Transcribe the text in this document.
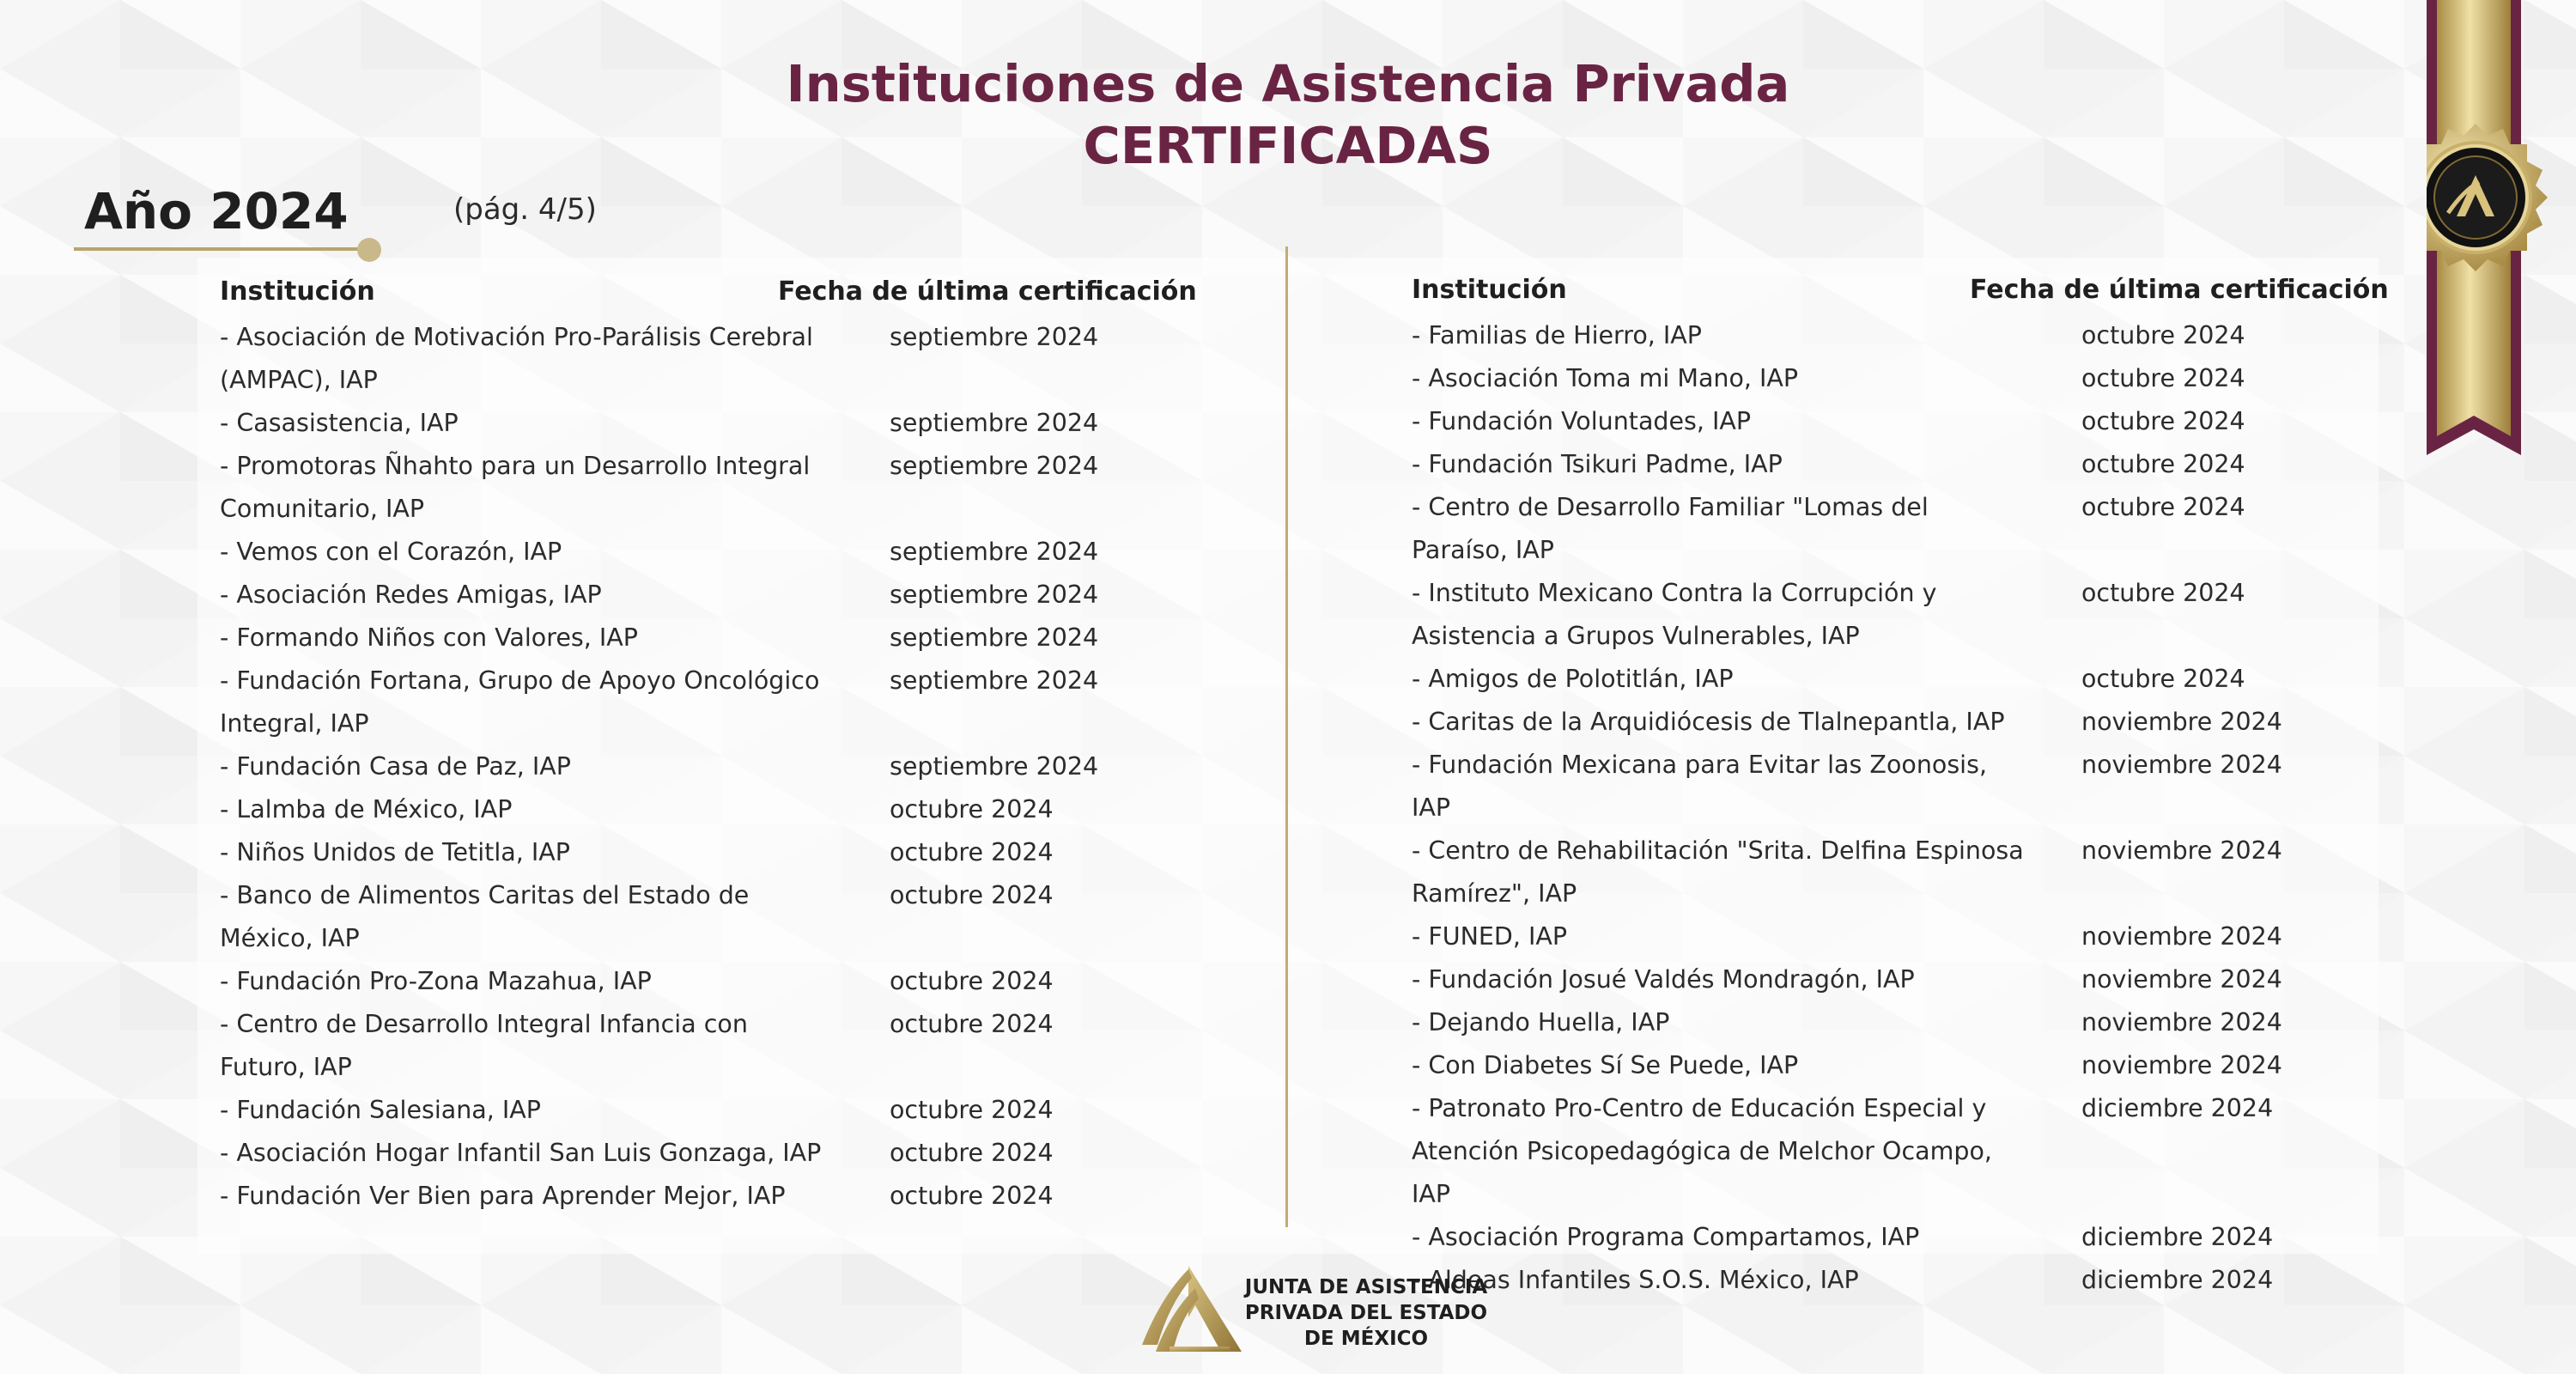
Instituciones de Asistencia Privada
CERTIFICADAS
Año 2024	(pág. 4/5)
Institución	Fecha de última certificación
- Asociación de Motivación Pro-Parálisis Cerebral (AMPAC), IAP
septiembre 2024
- Casasistencia, IAP	septiembre 2024
- Promotoras Ñhahto para un Desarrollo Integral Comunitario, IAP
septiembre 2024
- Vemos con el Corazón, IAP	septiembre 2024
- Asociación Redes Amigas, IAP	septiembre 2024
- Formando Niños con Valores, IAP	septiembre 2024
- Fundación Fortana, Grupo de Apoyo Oncológico Integral, IAP
septiembre 2024
- Fundación Casa de Paz, IAP	septiembre 2024
- Lalmba de México, IAP	octubre 2024
- Niños Unidos de Tetitla, IAP	octubre 2024
- Banco de Alimentos Caritas del Estado de México, IAP
octubre 2024
- Fundación Pro-Zona Mazahua, IAP	octubre 2024
- Centro de Desarrollo Integral Infancia con Futuro, IAP
octubre 2024
- Fundación Salesiana, IAP	octubre 2024
- Asociación Hogar Infantil San Luis Gonzaga, IAP	octubre 2024
- Fundación Ver Bien para Aprender Mejor, IAP	octubre 2024
Institución	Fecha de última certificación
- Familias de Hierro, IAP	octubre 2024
- Asociación Toma mi Mano, IAP	octubre 2024
- Fundación Voluntades, IAP	octubre 2024
- Fundación Tsikuri Padme, IAP	octubre 2024
- Centro de Desarrollo Familiar "Lomas del Paraíso, IAP
octubre 2024
- Instituto Mexicano Contra la Corrupción y Asistencia a Grupos Vulnerables, IAP
octubre 2024
- Amigos de Polotitlán, IAP	octubre 2024
- Caritas de la Arquidiócesis de Tlalnepantla, IAP	noviembre 2024
- Fundación Mexicana para Evitar las Zoonosis, IAP
noviembre 2024
- Centro de Rehabilitación "Srita. Delfina Espinosa Ramírez", IAP
noviembre 2024
- FUNED, IAP	noviembre 2024
- Fundación Josué Valdés Mondragón, IAP	noviembre 2024
- Dejando Huella, IAP	noviembre 2024
- Con Diabetes Sí Se Puede, IAP	noviembre 2024
- Patronato Pro-Centro de Educación Especial y Atención Psicopedagógica de Melchor Ocampo, IAP
diciembre 2024
- Asociación Programa Compartamos, IAP	diciembre 2024
- Aldeas Infantiles S.O.S. México, IAP	diciembre 2024
JUNTA DE ASISTENCIA
PRIVADA DEL ESTADO
DE MÉXICO
